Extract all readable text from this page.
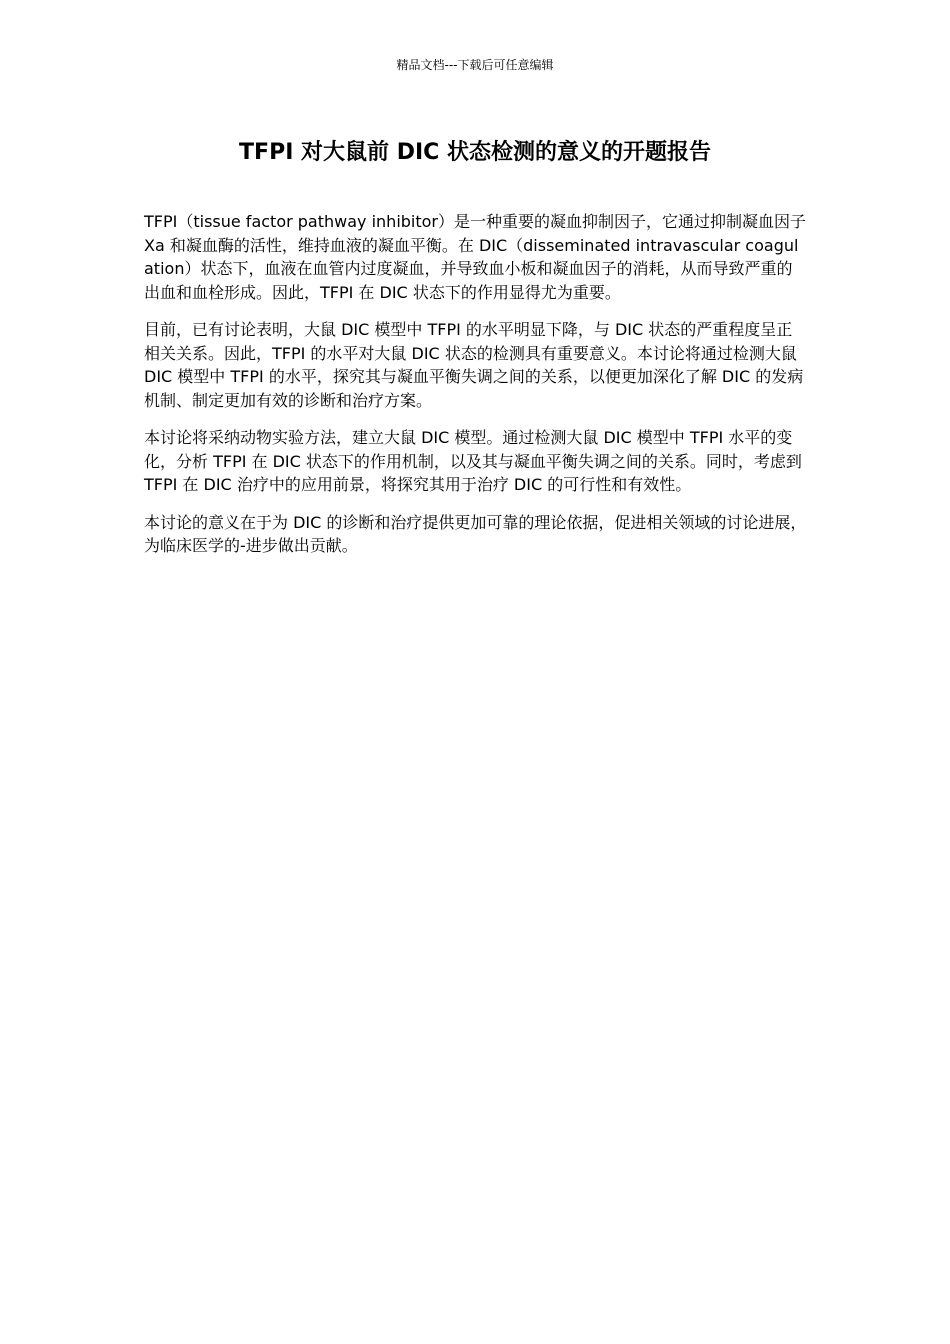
精品文档---下载后可任意编辑
TFPI 对大鼠前 DIC 状态检测的意义的开题报告

TFPI（tissue factor pathway inhibitor）是一种重要的凝血抑制因子，它通过抑制凝血因子 Xa 和凝血酶的活性，维持血液的凝血平衡。在 DIC（disseminated intravascular coagulation）状态下，血液在血管内过度凝血，并导致血小板和凝血因子的消耗，从而导致严重的出血和血栓形成。因此，TFPI 在 DIC 状态下的作用显得尤为重要。

目前，已有讨论表明，大鼠 DIC 模型中 TFPI 的水平明显下降，与 DIC 状态的严重程度呈正相关关系。因此，TFPI 的水平对大鼠 DIC 状态的检测具有重要意义。本讨论将通过检测大鼠 DIC 模型中 TFPI 的水平，探究其与凝血平衡失调之间的关系，以便更加深化了解 DIC 的发病机制、制定更加有效的诊断和治疗方案。

本讨论将采纳动物实验方法，建立大鼠 DIC 模型。通过检测大鼠 DIC 模型中 TFPI 水平的变化，分析 TFPI 在 DIC 状态下的作用机制，以及其与凝血平衡失调之间的关系。同时，考虑到 TFPI 在 DIC 治疗中的应用前景，将探究其用于治疗 DIC 的可行性和有效性。

本讨论的意义在于为 DIC 的诊断和治疗提供更加可靠的理论依据，促进相关领域的讨论进展，为临床医学的-进步做出贡献。
